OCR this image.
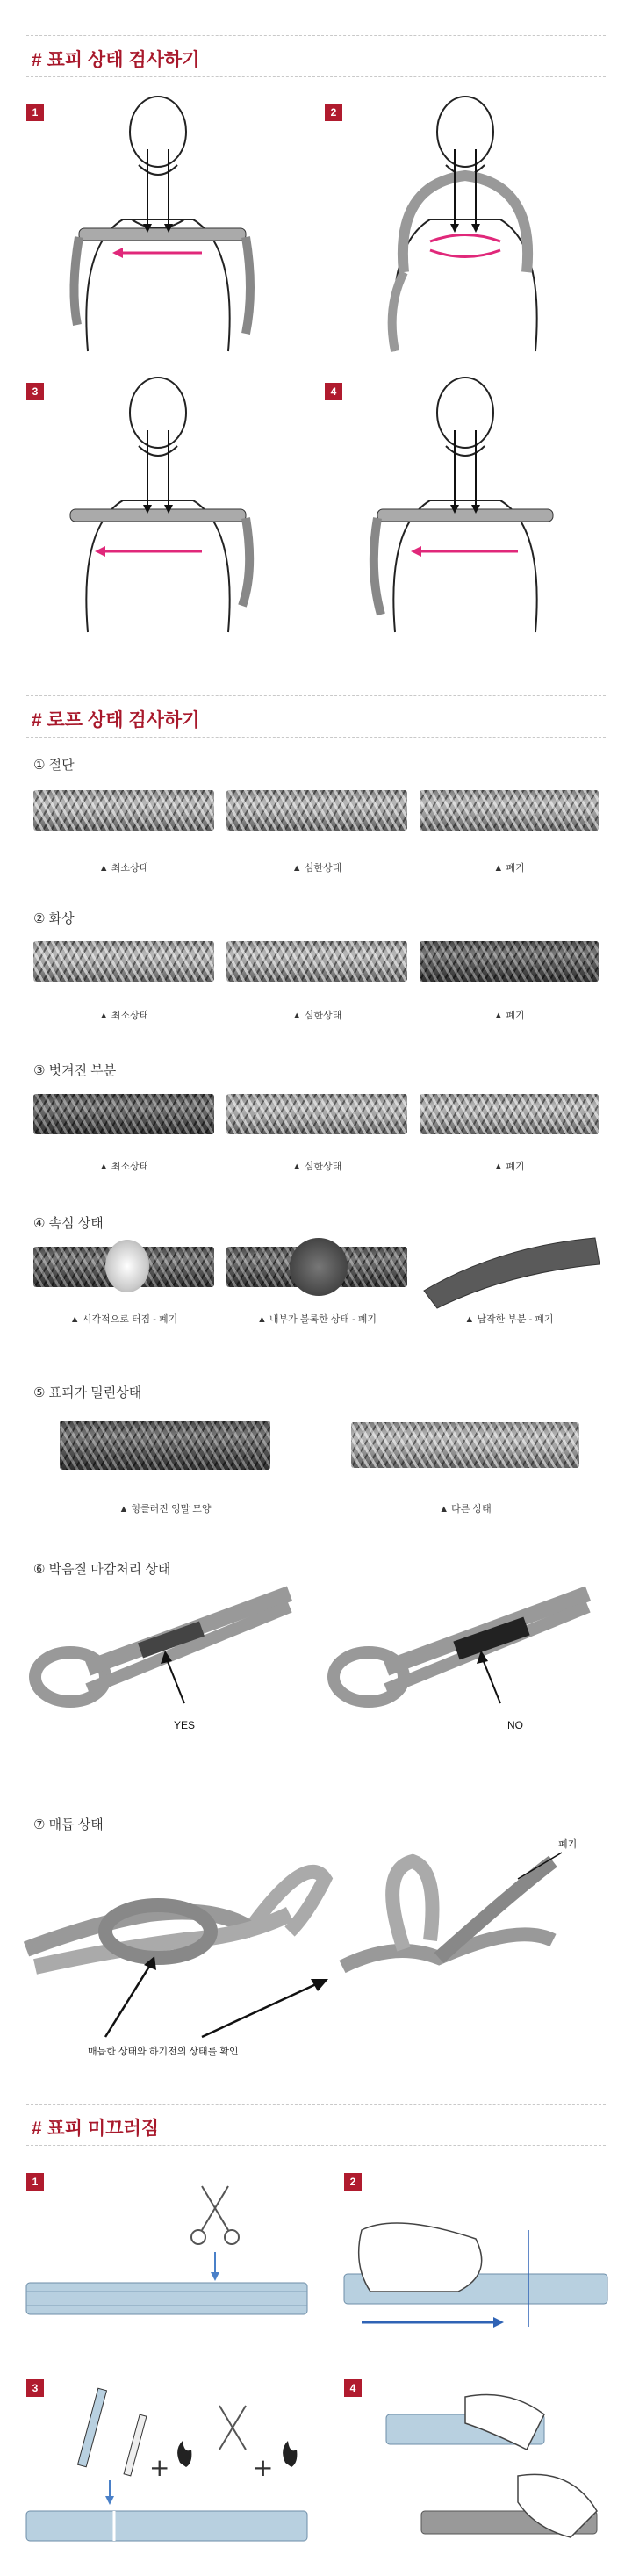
# 표피 상태 검사하기
1	2
3	4
# 로프 상태 검사하기
① 절단
▲ 최소상태	▲ 심한상태	▲ 폐기
② 화상
▲ 최소상태	▲ 심한상태	▲ 폐기
③ 벗겨진 부분
▲ 최소상태	▲ 심한상태	▲ 폐기
④ 속심 상태
▲ 시각적으로 터짐 - 폐기	▲ 내부가 볼록한 상태 - 폐기	▲ 납작한 부분 - 폐기
⑤ 표피가 밀린상태
▲ 헝클러진 엉말 모양	▲ 다른 상태
⑥ 박음질 마감처리 상태
YES	NO
⑦ 매듭 상태
폐기
매듭한 상태와 하기전의 상태를 확인
# 표피 미끄러짐
1	2
3	4
+	+
